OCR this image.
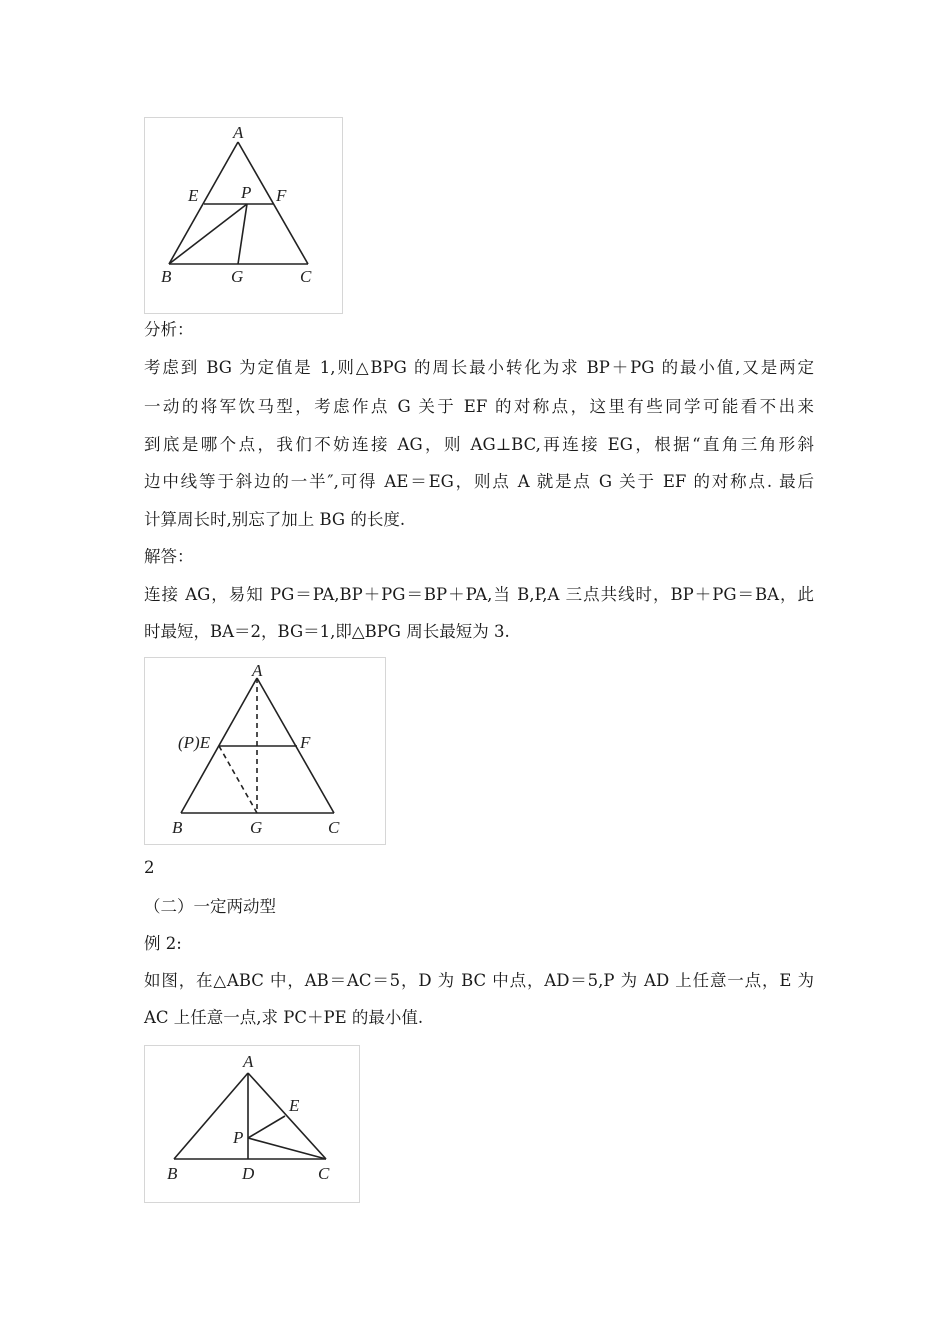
A
E	P F
B	G	C
分析：
考虑到 BG 为定值是 1,则△BPG 的周长最小转化为求 BP＋PG 的最小值,又是两定
一动的将军饮马型，考虑作点 G 关于 EF 的对称点，这里有些同学可能看不出来
到底是哪个点，我们不妨连接 AG，则 AG⊥BC,再连接 EG，根据“直角三角形斜
边中线等于斜边的一半″,可得 AE＝EG，则点 A 就是点 G 关于 EF 的对称点. 最后
计算周长时,别忘了加上 BG 的长度.
解答：
连接 AG，易知 PG＝PA,BP＋PG＝BP＋PA,当 B,P,A 三点共线时，BP＋PG＝BA，此
时最短，BA＝2，BG＝1,即△BPG 周长最短为 3.
A
(P)E	F
B	G	C
2
（二）一定两动型
例 2:
如图，在△ABC 中，AB＝AC＝5，D 为 BC 中点，AD＝5,P 为 AD 上任意一点，E 为
AC 上任意一点,求 PC＋PE 的最小值.
A
E
P
B	D	C
